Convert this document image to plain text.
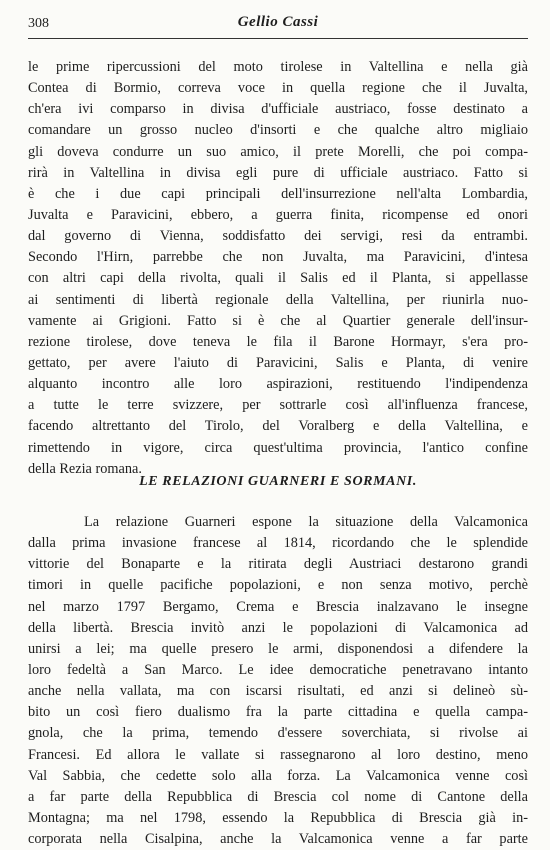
308	Gellio Cassi
le prime ripercussioni del moto tirolese in Valtellina e nella già
Contea di Bormio, correva voce in quella regione che il Juvalta,
ch'era ivi comparso in divisa d'ufficiale austriaco, fosse destinato a
comandare un grosso nucleo d'insorti e che qualche altro migliaio
gli doveva condurre un suo amico, il prete Morelli, che poi compa-
rirà in Valtellina in divisa egli pure di ufficiale austriaco. Fatto si
è che i due capi principali dell'insurrezione nell'alta Lombardia,
Juvalta e Paravicini, ebbero, a guerra finita, ricompense ed onori
dal governo di Vienna, soddisfatto dei servigi, resi da entrambi.
Secondo l'Hirn, parrebbe che non Juvalta, ma Paravicini, d'intesa
con altri capi della rivolta, quali il Salis ed il Planta, si appellasse
ai sentimenti di libertà regionale della Valtellina, per riunirla nuo-
vamente ai Grigioni. Fatto si è che al Quartier generale dell'insur-
rezione tirolese, dove teneva le fila il Barone Hormayr, s'era pro-
gettato, per avere l'aiuto di Paravicini, Salis e Planta, di venire
alquanto incontro alle loro aspirazioni, restituendo l'indipendenza
a tutte le terre svizzere, per sottrarle così all'influenza francese,
facendo altrettanto del Tirolo, del Voralberg e della Valtellina, e
rimettendo in vigore, circa quest'ultima provincia, l'antico confine
della Rezia romana.
LE RELAZIONI GUARNERI E SORMANI.
La relazione Guarneri espone la situazione della Valcamonica
dalla prima invasione francese al 1814, ricordando che le splendide
vittorie del Bonaparte e la ritirata degli Austriaci destarono grandi
timori in quelle pacifiche popolazioni, e non senza motivo, perchè
nel marzo 1797 Bergamo, Crema e Brescia inalzavano le insegne
della libertà. Brescia invitò anzi le popolazioni di Valcamonica ad
unirsi a lei; ma quelle presero le armi, disponendosi a difendere la
loro fedeltà a San Marco. Le idee democratiche penetravano intanto
anche nella vallata, ma con iscarsi risultati, ed anzi si delineò sù-
bito un così fiero dualismo fra la parte cittadina e quella campa-
gnola, che la prima, temendo d'essere soverchiata, si rivolse ai
Francesi. Ed allora le vallate si rassegnarono al loro destino, meno
Val Sabbia, che cedette solo alla forza. La Valcamonica venne così
a far parte della Repubblica di Brescia col nome di Cantone della
Montagna; ma nel 1798, essendo la Repubblica di Brescia già in-
corporata nella Cisalpina, anche la Valcamonica venne a far parte
